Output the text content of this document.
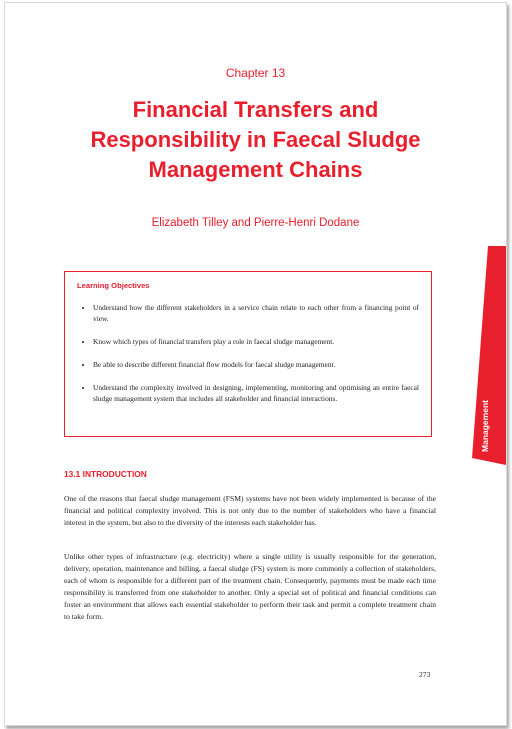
Chapter 13
Financial Transfers and
Responsibility in Faecal Sludge
Management Chains
Elizabeth Tilley and Pierre-Henri Dodane
Learning Objectives
• Understand how the different stakeholders in a service chain relate to each other from a financing point of view.
• Know which types of financial transfers play a role in faecal sludge management.
• Be able to describe different financial flow models for faecal sludge management.
• Understand the complexity involved in designing, implementing, monitoring and optimising an entire faecal sludge management system that includes all stakeholder and financial interactions.
Management
13.1 INTRODUCTION

One of the reasons that faecal sludge management (FSM) systems have not been widely implemented is because of the financial and political complexity involved. This is not only due to the number of stakeholders who have a financial interest in the system, but also to the diversity of the interests each stakeholder has.

Unlike other types of infrastructure (e.g. electricity) where a single utility is usually responsible for the generation, delivery, operation, maintenance and billing, a faecal sludge (FS) system is more commonly a collection of stakeholders, each of whom is responsible for a different part of the treatment chain. Consequently, payments must be made each time responsibility is transferred from one stakeholder to another. Only a special set of political and financial conditions can foster an environment that allows each essential stakeholder to perform their task and permit a complete treatment chain to take form.

273
